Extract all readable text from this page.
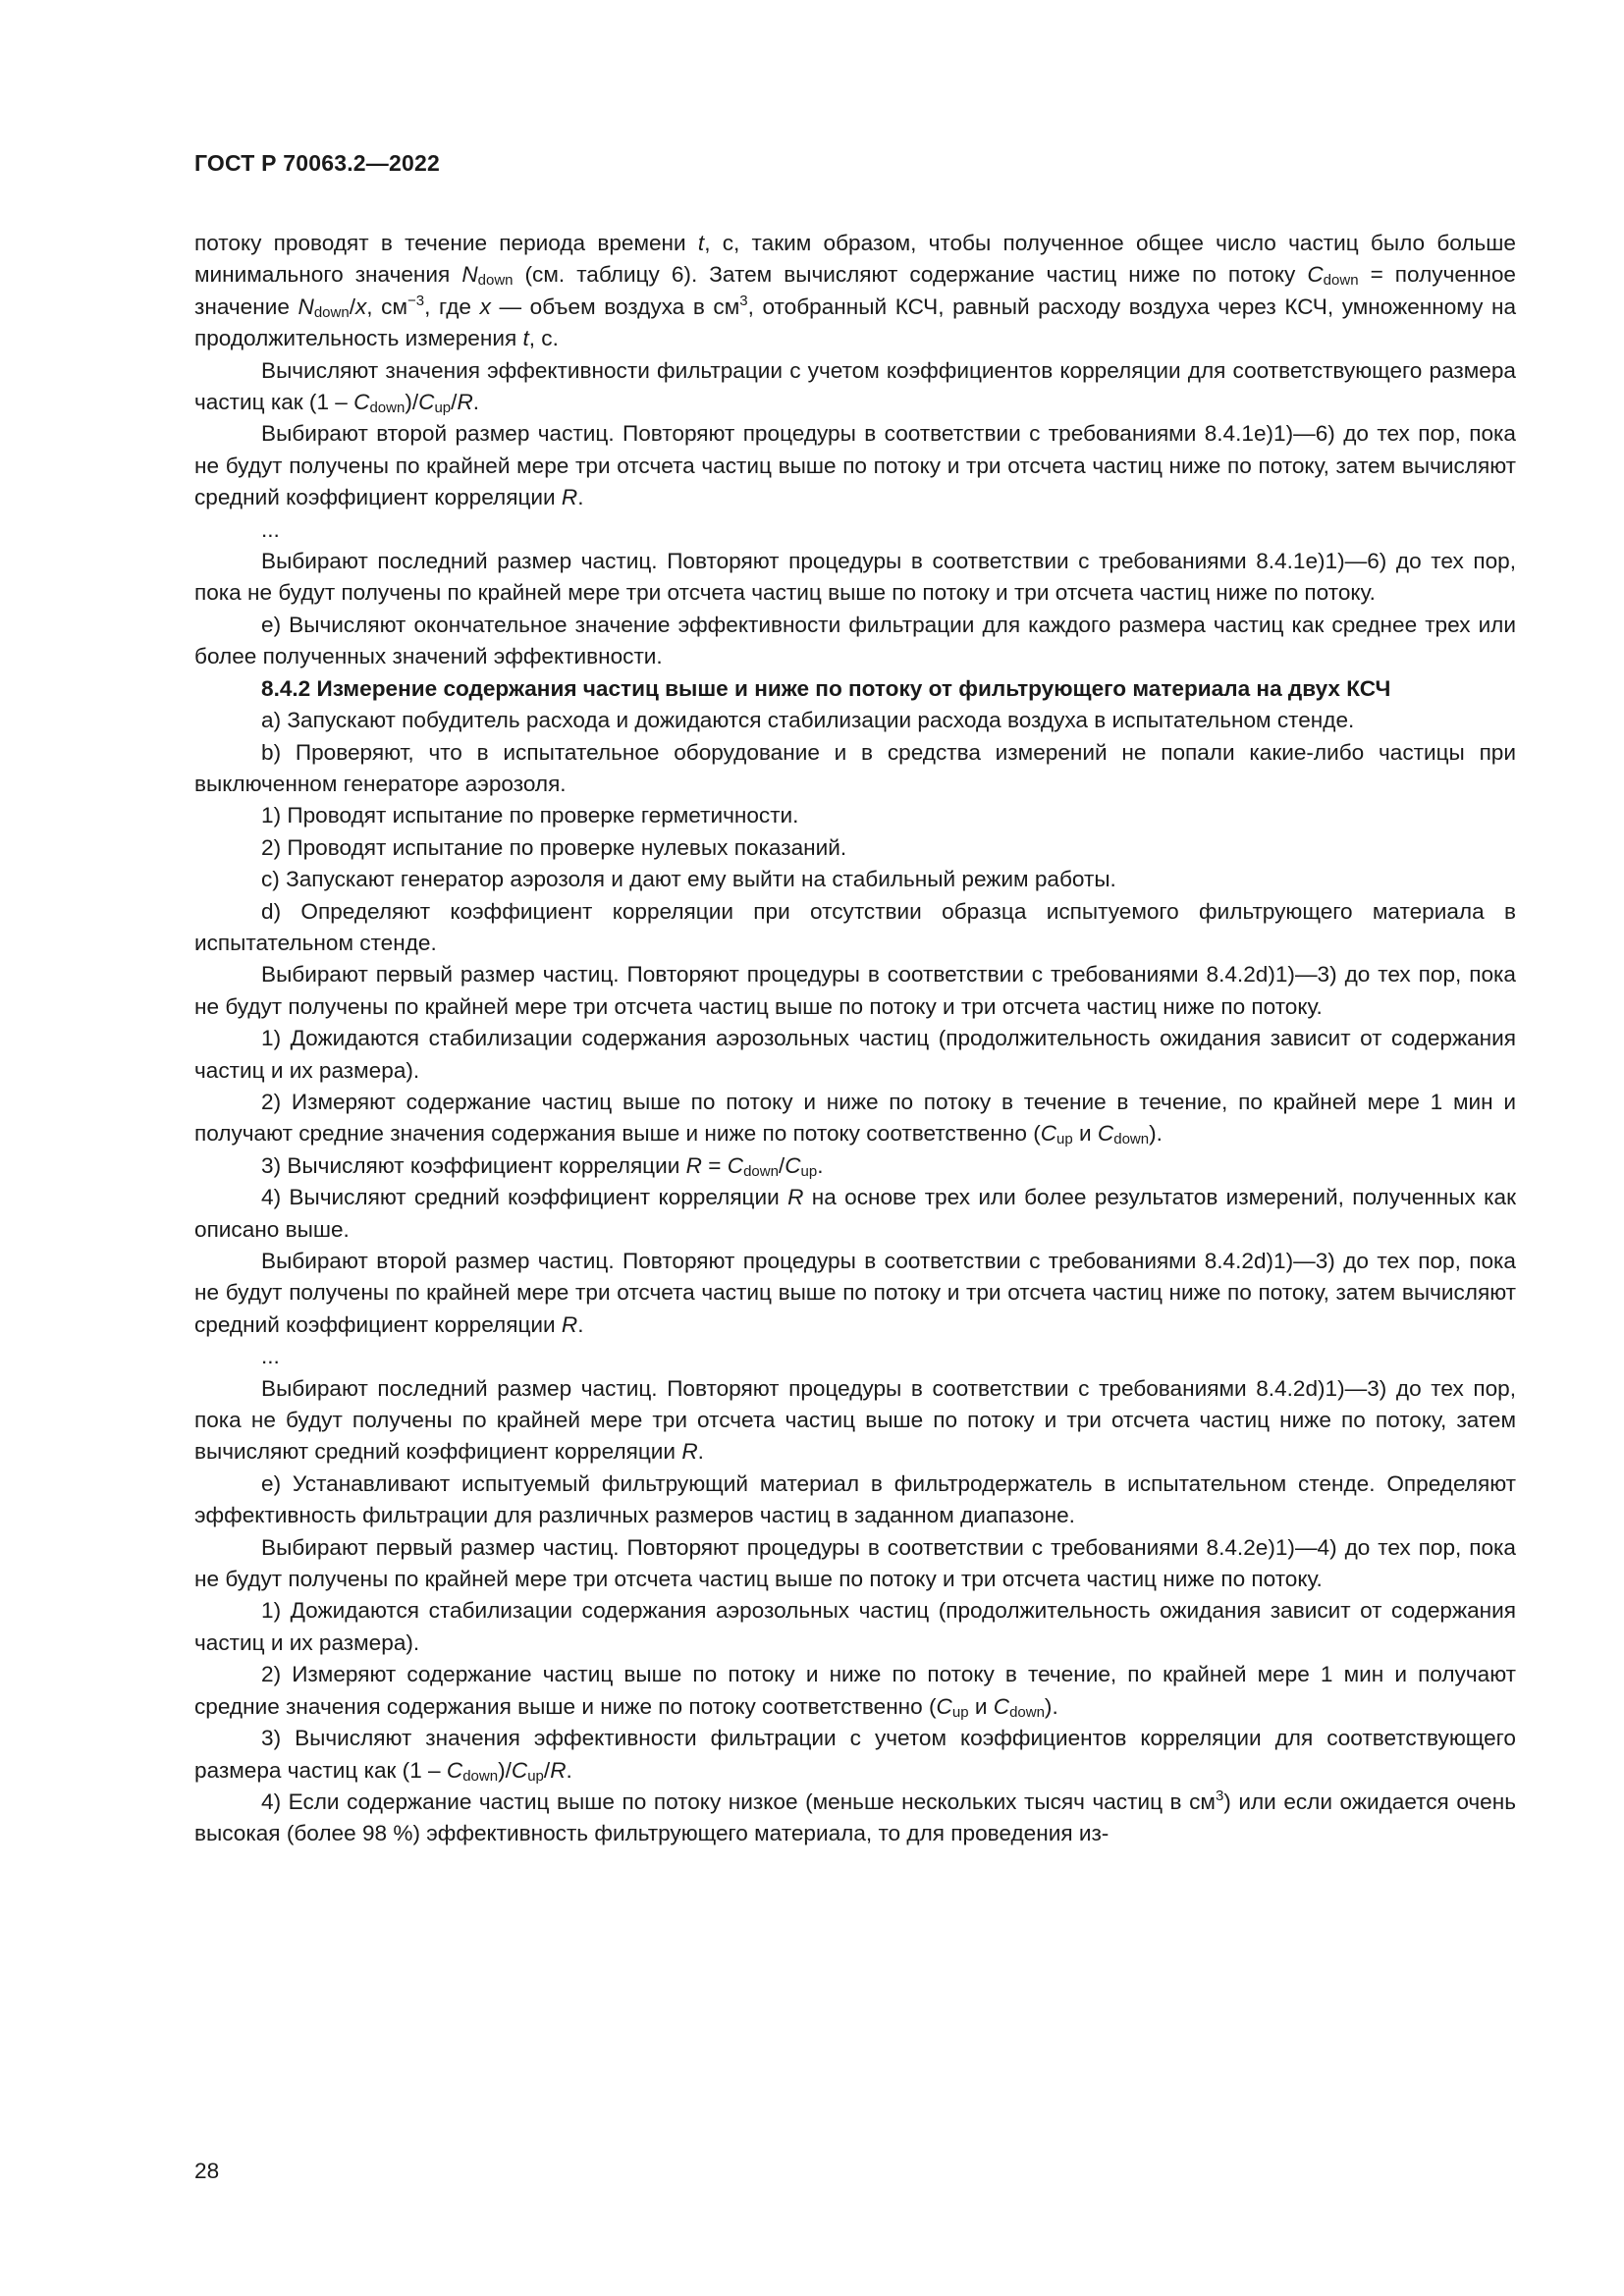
ГОСТ Р 70063.2—2022

потоку проводят в течение периода времени t, с, таким образом, чтобы полученное общее число частиц было больше минимального значения $N_{down}$ (см. таблицу 6). Затем вычисляют содержание частиц ниже по потоку $C_{down}$ = полученное значение $N_{down}/x$, $см^{-3}$, где x — объем воздуха в $см^3$, отобранный КСЧ, равный расходу воздуха через КСЧ, умноженному на продолжительность измерения t, с.

Вычисляют значения эффективности фильтрации с учетом коэффициентов корреляции для соответствующего размера частиц как $(1 - C_{down})/C_{up}/R$.

Выбирают второй размер частиц. Повторяют процедуры в соответствии с требованиями 8.4.1e)1)—6) до тех пор, пока не будут получены по крайней мере три отсчета частиц выше по потоку и три отсчета частиц ниже по потоку, затем вычисляют средний коэффициент корреляции R.

...

Выбирают последний размер частиц. Повторяют процедуры в соответствии с требованиями 8.4.1e)1)—6) до тех пор, пока не будут получены по крайней мере три отсчета частиц выше по потоку и три отсчета частиц ниже по потоку.

e) Вычисляют окончательное значение эффективности фильтрации для каждого размера частиц как среднее трех или более полученных значений эффективности.

8.4.2 Измерение содержания частиц выше и ниже по потоку от фильтрующего материала на двух КСЧ

a) Запускают побудитель расхода и дожидаются стабилизации расхода воздуха в испытательном стенде.

b) Проверяют, что в испытательное оборудование и в средства измерений не попали какие-либо частицы при выключенном генераторе аэрозоля.

1) Проводят испытание по проверке герметичности.

2) Проводят испытание по проверке нулевых показаний.

c) Запускают генератор аэрозоля и дают ему выйти на стабильный режим работы.

d) Определяют коэффициент корреляции при отсутствии образца испытуемого фильтрующего материала в испытательном стенде.

Выбирают первый размер частиц. Повторяют процедуры в соответствии с требованиями 8.4.2d)1)—3) до тех пор, пока не будут получены по крайней мере три отсчета частиц выше по потоку и три отсчета частиц ниже по потоку.

1) Дожидаются стабилизации содержания аэрозольных частиц (продолжительность ожидания зависит от содержания частиц и их размера).

2) Измеряют содержание частиц выше по потоку и ниже по потоку в течение в течение, по крайней мере 1 мин и получают средние значения содержания выше и ниже по потоку соответственно ($C_{up}$ и $C_{down}$).

3) Вычисляют коэффициент корреляции $R = C_{down}/C_{up}$.

4) Вычисляют средний коэффициент корреляции R на основе трех или более результатов измерений, полученных как описано выше.

Выбирают второй размер частиц. Повторяют процедуры в соответствии с требованиями 8.4.2d)1)—3) до тех пор, пока не будут получены по крайней мере три отсчета частиц выше по потоку и три отсчета частиц ниже по потоку, затем вычисляют средний коэффициент корреляции R.

...

Выбирают последний размер частиц. Повторяют процедуры в соответствии с требованиями 8.4.2d)1)—3) до тех пор, пока не будут получены по крайней мере три отсчета частиц выше по потоку и три отсчета частиц ниже по потоку, затем вычисляют средний коэффициент корреляции R.

e) Устанавливают испытуемый фильтрующий материал в фильтродержатель в испытательном стенде. Определяют эффективность фильтрации для различных размеров частиц в заданном диапазоне.

Выбирают первый размер частиц. Повторяют процедуры в соответствии с требованиями 8.4.2e)1)—4) до тех пор, пока не будут получены по крайней мере три отсчета частиц выше по потоку и три отсчета частиц ниже по потоку.

1) Дожидаются стабилизации содержания аэрозольных частиц (продолжительность ожидания зависит от содержания частиц и их размера).

2) Измеряют содержание частиц выше по потоку и ниже по потоку в течение, по крайней мере 1 мин и получают средние значения содержания выше и ниже по потоку соответственно ($C_{up}$ и $C_{down}$).

3) Вычисляют значения эффективности фильтрации с учетом коэффициентов корреляции для соответствующего размера частиц как $(1 - C_{down})/C_{up}/R$.

4) Если содержание частиц выше по потоку низкое (меньше нескольких тысяч частиц в $см^3$) или если ожидается очень высокая (более 98 %) эффективность фильтрующего материала, то для проведения из-

28
